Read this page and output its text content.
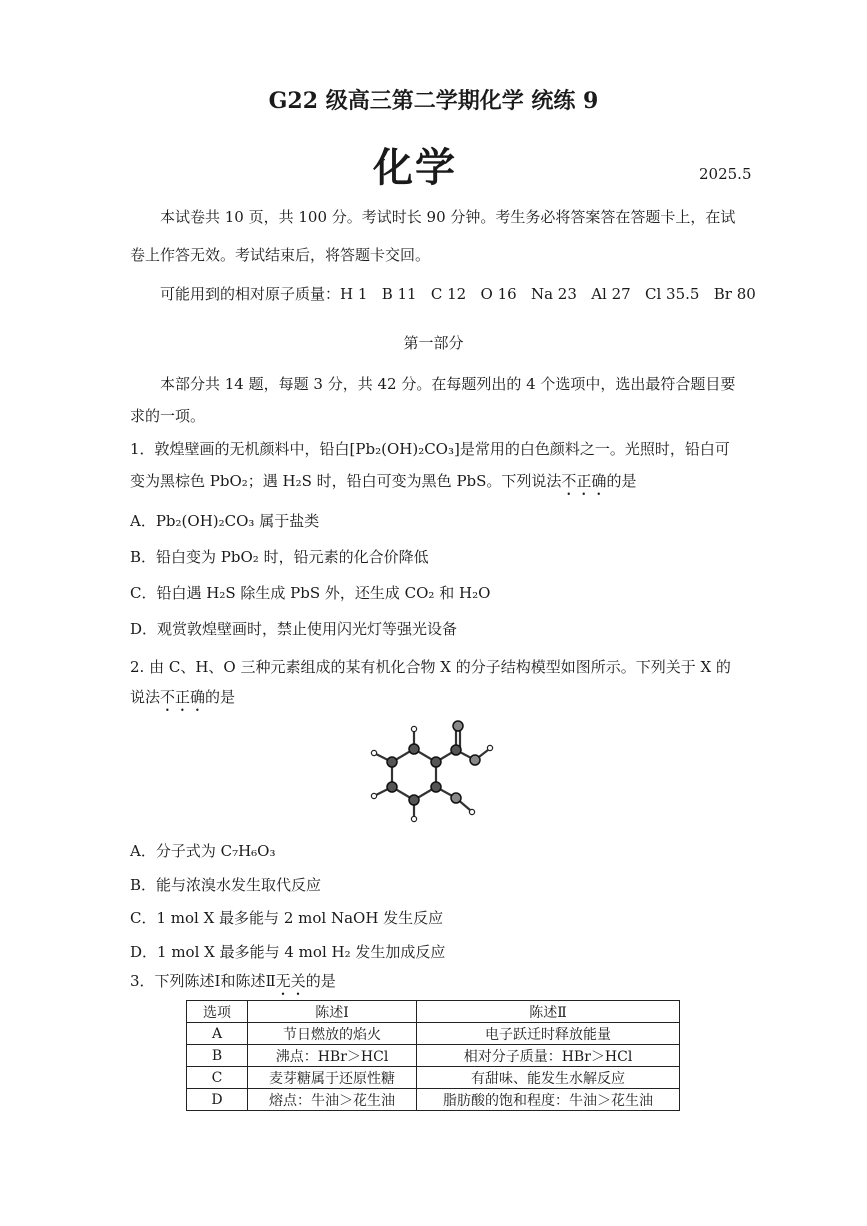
G22 级高三第二学期化学 统练 9
化学	2025.5
本试卷共 10 页，共 100 分。考试时长 90 分钟。考生务必将答案答在答题卡上，在试
卷上作答无效。考试结束后，将答题卡交回。
可能用到的相对原子质量：H 1   B 11   C 12   O 16   Na 23   Al 27   Cl 35.5   Br 80
第一部分
本部分共 14 题，每题 3 分，共 42 分。在每题列出的 4 个选项中，选出最符合题目要
求的一项。
1．敦煌壁画的无机颜料中，铅白[Pb₂(OH)₂CO₃]是常用的白色颜料之一。光照时，铅白可
变为黑棕色 PbO₂；遇 H₂S 时，铅白可变为黑色 PbS。下列说法不正确的是
A．Pb₂(OH)₂CO₃ 属于盐类
B．铅白变为 PbO₂ 时，铅元素的化合价降低
C．铅白遇 H₂S 除生成 PbS 外，还生成 CO₂ 和 H₂O
D．观赏敦煌壁画时，禁止使用闪光灯等强光设备
2. 由 C、H、O 三种元素组成的某有机化合物 X 的分子结构模型如图所示。下列关于 X 的
说法不正确的是
A．分子式为 C₇H₆O₃
B．能与浓溴水发生取代反应
C．1 mol X 最多能与 2 mol NaOH 发生反应
D．1 mol X 最多能与 4 mol H₂ 发生加成反应
3．下列陈述Ⅰ和陈述Ⅱ无关的是
选项	陈述Ⅰ	陈述Ⅱ
A	节日燃放的焰火	电子跃迁时释放能量
B	沸点：HBr＞HCl	相对分子质量：HBr＞HCl
C	麦芽糖属于还原性糖	有甜味、能发生水解反应
D	熔点：牛油＞花生油	脂肪酸的饱和程度：牛油＞花生油
